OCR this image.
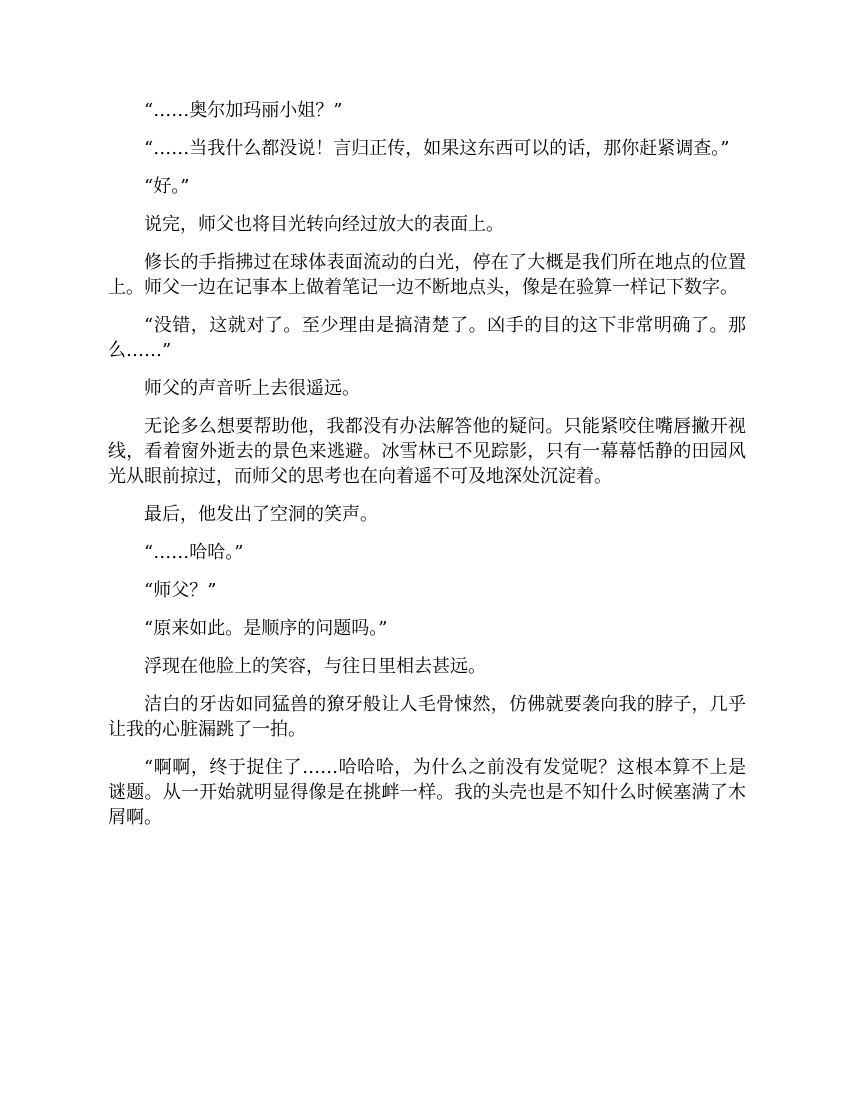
“……奥尔加玛丽小姐？”

“……当我什么都没说！言归正传，如果这东西可以的话，那你赶紧调查。”

“好。”

说完，师父也将目光转向经过放大的表面上。

修长的手指拂过在球体表面流动的白光，停在了大概是我们所在地点的位置上。师父一边在记事本上做着笔记一边不断地点头，像是在验算一样记下数字。

“没错，这就对了。至少理由是搞清楚了。凶手的目的这下非常明确了。那么……”

师父的声音听上去很遥远。

无论多么想要帮助他，我都没有办法解答他的疑问。只能紧咬住嘴唇撇开视线，看着窗外逝去的景色来逃避。冰雪林已不见踪影，只有一幕幕恬静的田园风光从眼前掠过，而师父的思考也在向着遥不可及地深处沉淀着。

最后，他发出了空洞的笑声。

“……哈哈。”

“师父？”

“原来如此。是顺序的问题吗。”

浮现在他脸上的笑容，与往日里相去甚远。

洁白的牙齿如同猛兽的獠牙般让人毛骨悚然，仿佛就要袭向我的脖子，几乎让我的心脏漏跳了一拍。

“啊啊，终于捉住了……哈哈哈，为什么之前没有发觉呢？这根本算不上是谜题。从一开始就明显得像是在挑衅一样。我的头壳也是不知什么时候塞满了木屑啊。
